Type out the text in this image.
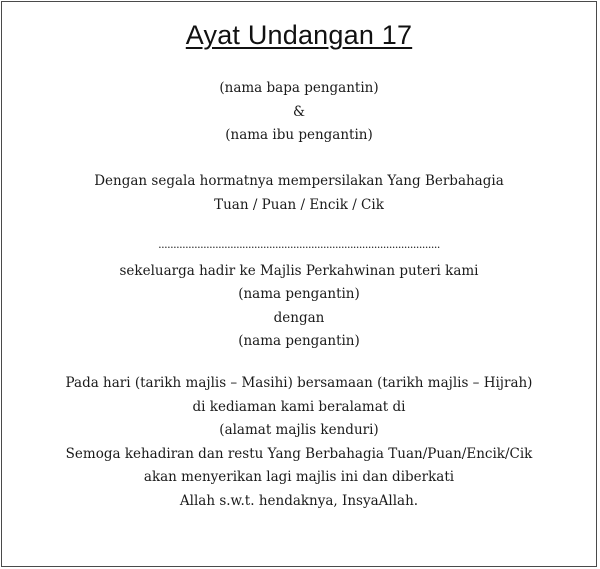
Ayat Undangan 17
(nama bapa pengantin)
&
(nama ibu pengantin)
Dengan segala hormatnya mempersilakan Yang Berbahagia
Tuan / Puan / Encik / Cik
..............................................................................................
sekeluarga hadir ke Majlis Perkahwinan puteri kami
(nama pengantin)
dengan
(nama pengantin)
Pada hari (tarikh majlis – Masihi) bersamaan (tarikh majlis – Hijrah)
di kediaman kami beralamat di
(alamat majlis kenduri)
Semoga kehadiran dan restu Yang Berbahagia Tuan/Puan/Encik/Cik
akan menyerikan lagi majlis ini dan diberkati
Allah s.w.t. hendaknya, InsyaAllah.
